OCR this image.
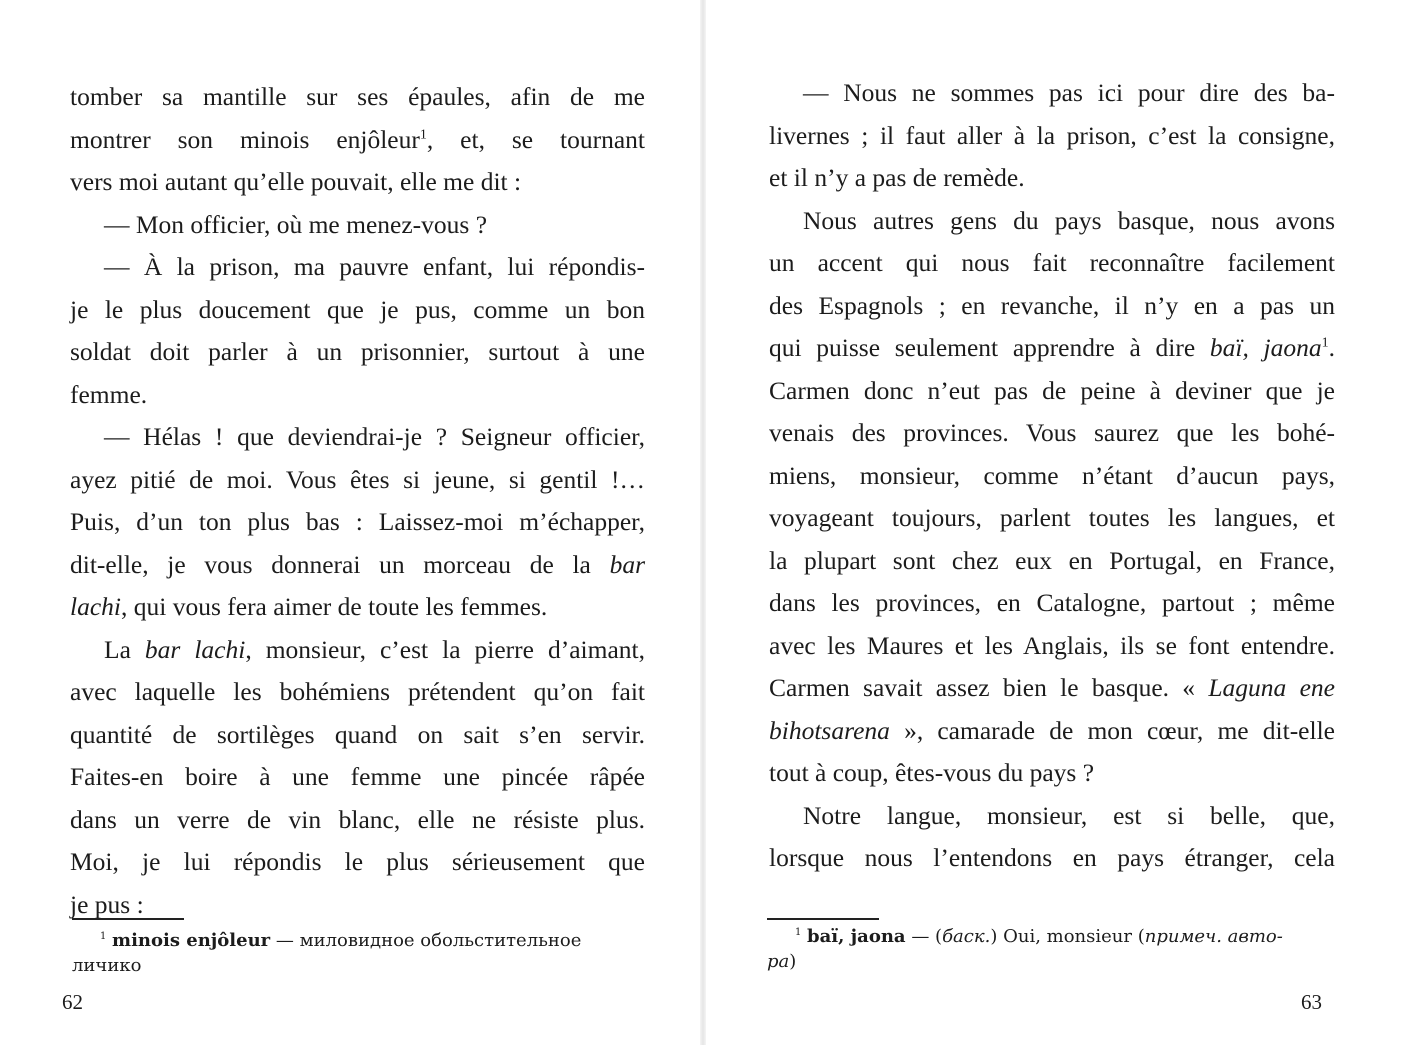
tomber sa mantille sur ses épaules, afin de me
montrer son minois enjôleur$^1$, et, se tournant
vers moi autant qu’elle pouvait, elle me dit :
— Mon officier, où me menez-vous ?
— À la prison, ma pauvre enfant, lui répondis-
je le plus doucement que je pus, comme un bon
soldat doit parler à un prisonnier, surtout à une
femme.
— Hélas ! que deviendrai-je ? Seigneur officier,
ayez pitié de moi. Vous êtes si jeune, si gentil !…
Puis, d’un ton plus bas : Laissez-moi m’échapper,
dit-elle, je vous donnerai un morceau de la bar
lachi, qui vous fera aimer de toute les femmes.
La bar lachi, monsieur, c’est la pierre d’aimant,
avec laquelle les bohémiens prétendent qu’on fait
quantité de sortilèges quand on sait s’en servir.
Faites-en boire à une femme une pincée râpée
dans un verre de vin blanc, elle ne résiste plus.
Moi, je lui répondis le plus sérieusement que
je pus :
$^1$ minois enjôleur — миловидное обольстительное
личико
62
— Nous ne sommes pas ici pour dire des ba-
livernes ; il faut aller à la prison, c’est la consigne,
et il n’y a pas de remède.
Nous autres gens du pays basque, nous avons
un accent qui nous fait reconnaître facilement
des Espagnols ; en revanche, il n’y en a pas un
qui puisse seulement apprendre à dire baï, jaona$^1$.
Carmen donc n’eut pas de peine à deviner que je
venais des provinces. Vous saurez que les bohé-
miens, monsieur, comme n’étant d’aucun pays,
voyageant toujours, parlent toutes les langues, et
la plupart sont chez eux en Portugal, en France,
dans les provinces, en Catalogne, partout ; même
avec les Maures et les Anglais, ils se font entendre.
Carmen savait assez bien le basque. « Laguna ene
bihotsarena », camarade de mon cœur, me dit-elle
tout à coup, êtes-vous du pays ?
Notre langue, monsieur, est si belle, que,
lorsque nous l’entendons en pays étranger, cela
$^1$ baï, jaona — (баск.) Oui, monsieur (примеч. авто-
ра)
63
